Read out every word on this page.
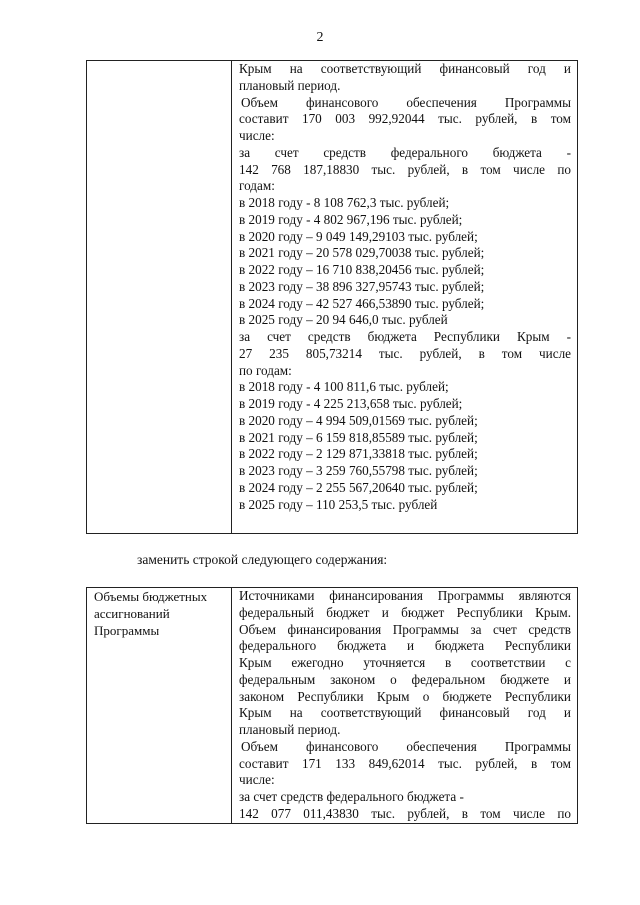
2

Крым на соответствующий финансовый год и
плановый период.
Объем финансового обеспечения Программы
составит 170 003 992,92044 тыс. рублей, в том
числе:
за счет средств федерального бюджета -
142 768 187,18830 тыс. рублей, в том числе по
годам:
в 2018 году - 8 108 762,3 тыс. рублей;
в 2019 году - 4 802 967,196 тыс. рублей;
в 2020 году – 9 049 149,29103 тыс. рублей;
в 2021 году – 20 578 029,70038 тыс. рублей;
в 2022 году – 16 710 838,20456 тыс. рублей;
в 2023 году – 38 896 327,95743 тыс. рублей;
в 2024 году – 42 527 466,53890 тыс. рублей;
в 2025 году – 20 94 646,0 тыс. рублей
за счет средств бюджета Республики Крым -
27 235 805,73214 тыс. рублей, в том числе
по годам:
в 2018 году - 4 100 811,6 тыс. рублей;
в 2019 году - 4 225 213,658 тыс. рублей;
в 2020 году – 4 994 509,01569 тыс. рублей;
в 2021 году – 6 159 818,85589 тыс. рублей;
в 2022 году – 2 129 871,33818 тыс. рублей;
в 2023 году – 3 259 760,55798 тыс. рублей;
в 2024 году – 2 255 567,20640 тыс. рублей;
в 2025 году – 110 253,5 тыс. рублей
заменить строкой следующего содержания:
Объемы бюджетных
ассигнований
Программы

Источниками финансирования Программы являются
федеральный бюджет и бюджет Республики Крым.
Объем финансирования Программы за счет средств
федерального бюджета и бюджета Республики
Крым ежегодно уточняется в соответствии с
федеральным законом о федеральном бюджете и
законом Республики Крым о бюджете Республики
Крым на соответствующий финансовый год и
плановый период.
Объем финансового обеспечения Программы
составит 171 133 849,62014 тыс. рублей, в том
числе:
за счет средств федерального бюджета -
142 077 011,43830 тыс. рублей, в том числе по
